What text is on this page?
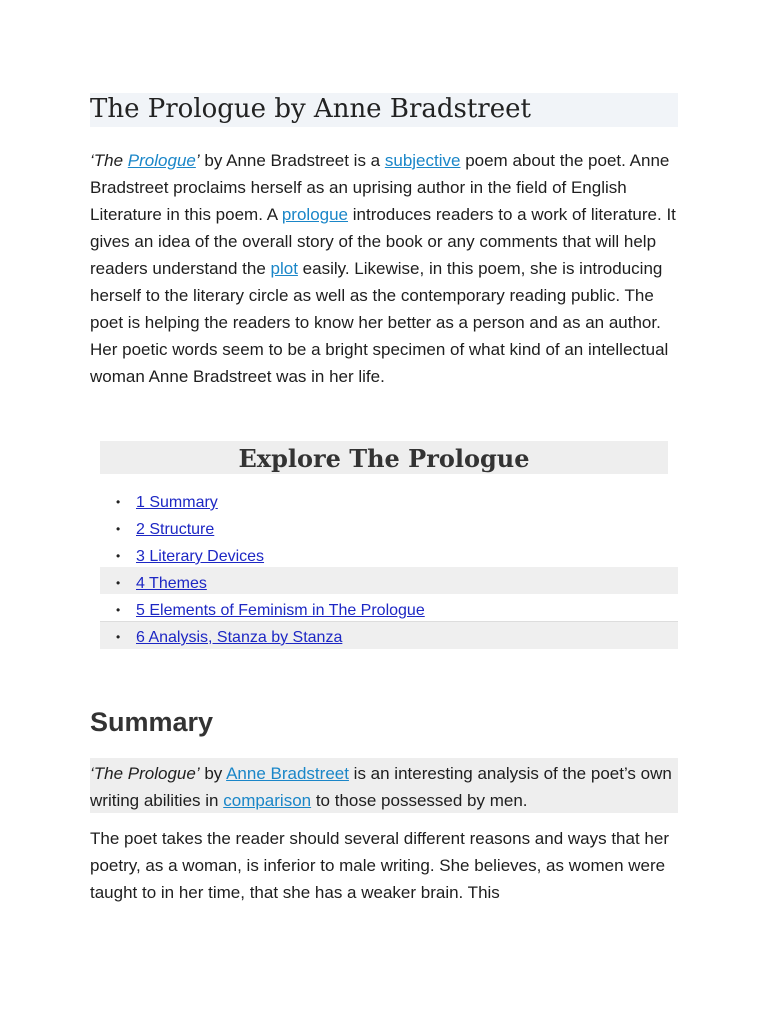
The Prologue by Anne Bradstreet

‘The Prologue’ by Anne Bradstreet is a subjective poem about the poet. Anne Bradstreet proclaims herself as an uprising author in the field of English Literature in this poem. A prologue introduces readers to a work of literature. It gives an idea of the overall story of the book or any comments that will help readers understand the plot easily. Likewise, in this poem, she is introducing herself to the literary circle as well as the contemporary reading public. The poet is helping the readers to know her better as a person and as an author. Her poetic words seem to be a bright specimen of what kind of an intellectual woman Anne Bradstreet was in her life.

Explore The Prologue
• 1 Summary
• 2 Structure
• 3 Literary Devices
• 4 Themes
• 5 Elements of Feminism in The Prologue
• 6 Analysis, Stanza by Stanza
Summary

‘The Prologue’ by Anne Bradstreet is an interesting analysis of the poet’s own writing abilities in comparison to those possessed by men.

The poet takes the reader should several different reasons and ways that her poetry, as a woman, is inferior to male writing. She believes, as women were taught to in her time, that she has a weaker brain. This
